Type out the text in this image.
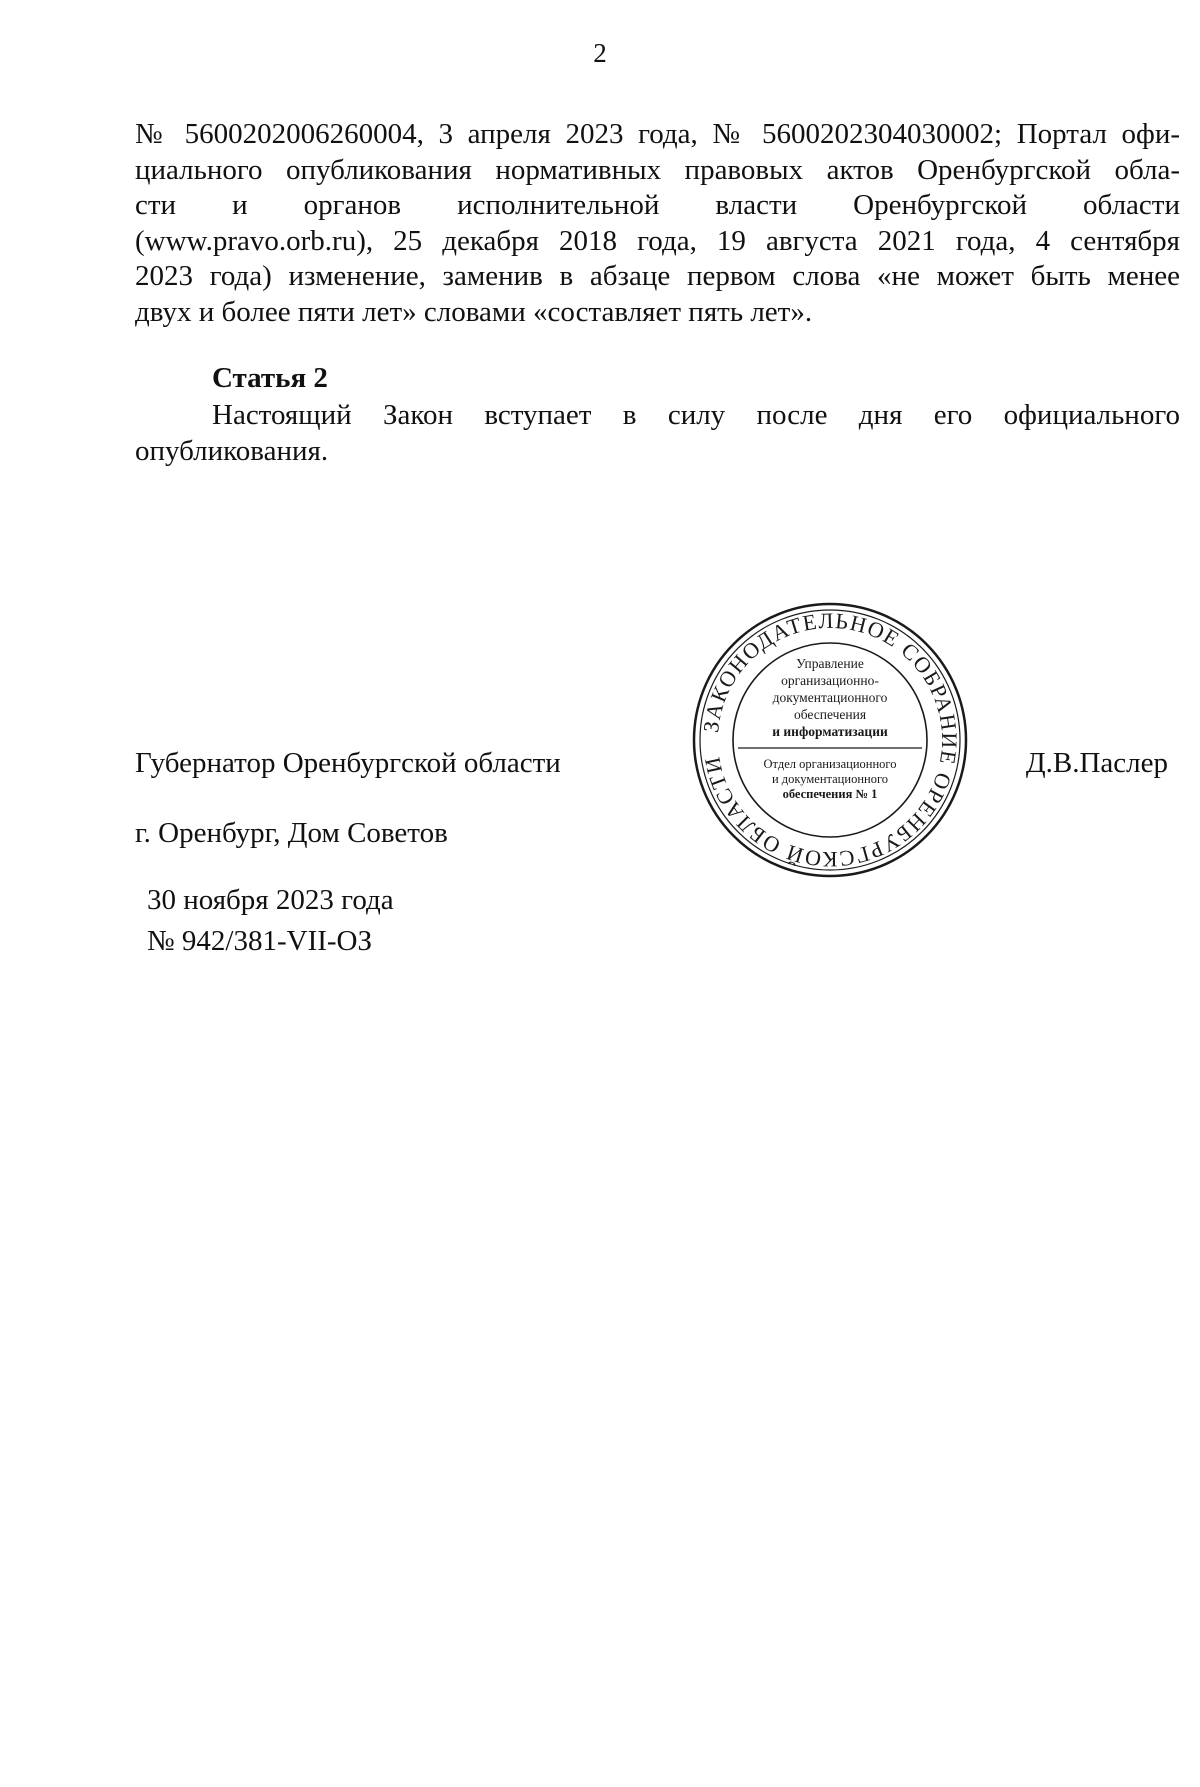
2
№ 5600202006260004, 3 апреля 2023 года, № 5600202304030002; Портал офи-
циального опубликования нормативных правовых актов Оренбургской обла-
сти и органов исполнительной власти Оренбургской области
(www.pravo.orb.ru), 25 декабря 2018 года, 19 августа 2021 года, 4 сентября
2023 года) изменение, заменив в абзаце первом слова «не может быть менее
двух и более пяти лет» словами «составляет пять лет».
Статья 2
Настоящий Закон вступает в силу после дня его официального
опубликования.
Губернатор Оренбургской области	Д.В.Паслер
г. Оренбург, Дом Советов
30 ноября 2023 года
№ 942/381-VII-ОЗ
ЗАКОНОДАТЕЛЬНОЕ СОБРАНИЕ ОРЕНБУРГСКОЙ ОБЛАСТИ
Управление
организационно-
документационного
обеспечения
и информатизации
Отдел организационного
и документационного
обеспечения № 1
